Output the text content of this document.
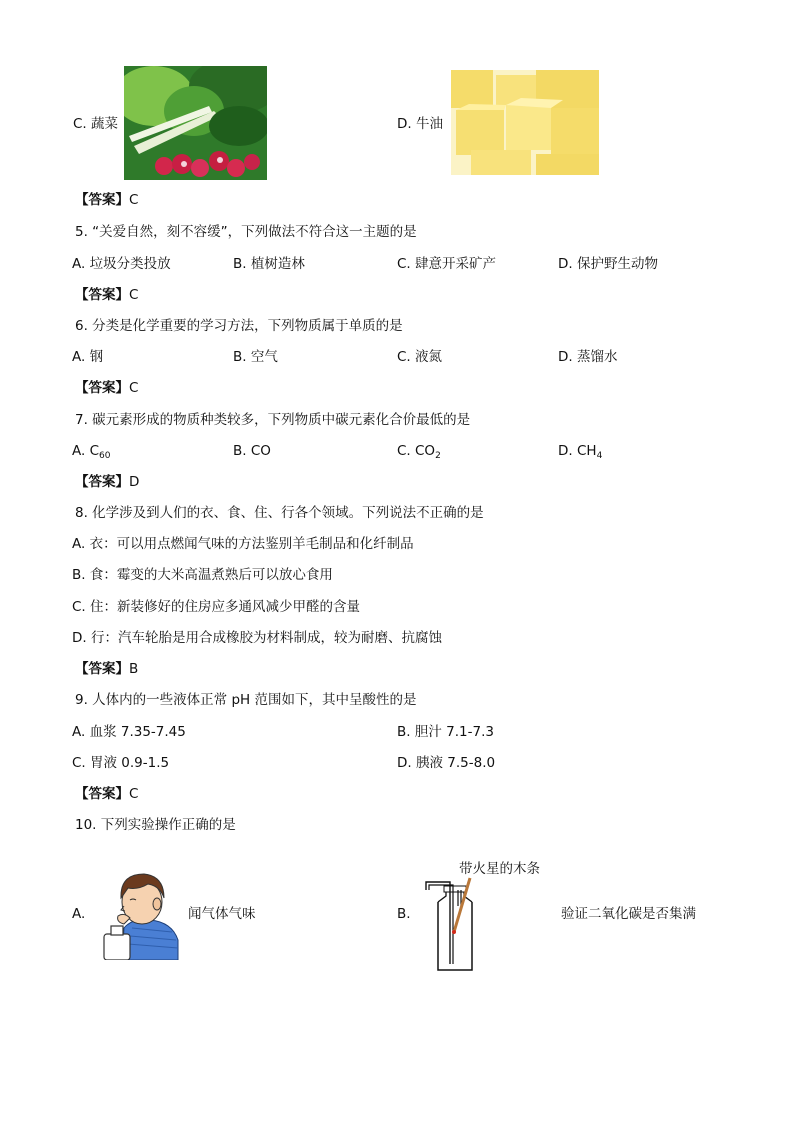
C. 蔬菜	D. 牛油
【答案】C
5. “关爱自然，刻不容缓”，下列做法不符合这一主题的是
A. 垃圾分类投放	B. 植树造林	C. 肆意开采矿产	D. 保护野生动物
【答案】C
6. 分类是化学重要的学习方法，下列物质属于单质的是
A. 钢	B. 空气	C. 液氮	D. 蒸馏水
【答案】C
7. 碳元素形成的物质种类较多，下列物质中碳元素化合价最低的是
A. $C_{60}$	B. CO	C. $CO_2$	D. $CH_4$
【答案】D
8. 化学涉及到人们的衣、食、住、行各个领域。下列说法不正确的是
A. 衣：可以用点燃闻气味的方法鉴别羊毛制品和化纤制品
B. 食：霉变的大米高温煮熟后可以放心食用
C. 住：新装修好的住房应多通风减少甲醛的含量
D. 行：汽车轮胎是用合成橡胶为材料制成，较为耐磨、抗腐蚀
【答案】B
9. 人体内的一些液体正常 pH 范围如下，其中呈酸性的是
A. 血浆 7.35-7.45	B. 胆汁 7.1-7.3
C. 胃液 0.9-1.5	D. 胰液 7.5-8.0
【答案】C
10. 下列实验操作正确的是
A.	闻气体气味	B.
带火星的木条
验证二氧化碳是否集满
